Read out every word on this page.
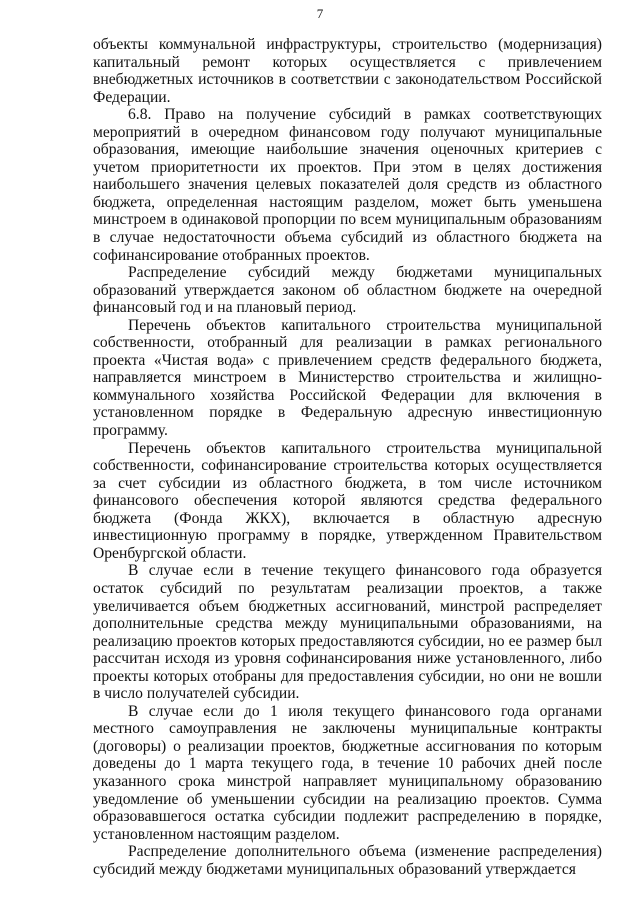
7

объекты коммунальной инфраструктуры, строительство (модернизация) капитальный ремонт которых осуществляется с привлечением внебюджетных источников в соответствии с законодательством Российской Федерации.

6.8. Право на получение субсидий в рамках соответствующих мероприятий в очередном финансовом году получают муниципальные образования, имеющие наибольшие значения оценочных критериев с учетом приоритетности их проектов. При этом в целях достижения наибольшего значения целевых показателей доля средств из областного бюджета, определенная настоящим разделом, может быть уменьшена минстроем в одинаковой пропорции по всем муниципальным образованиям в случае недостаточности объема субсидий из областного бюджета на софинансирование отобранных проектов.

Распределение субсидий между бюджетами муниципальных образований утверждается законом об областном бюджете на очередной финансовый год и на плановый период.

Перечень объектов капитального строительства муниципальной собственности, отобранный для реализации в рамках регионального проекта «Чистая вода» с привлечением средств федерального бюджета, направляется минстроем в Министерство строительства и жилищно-коммунального хозяйства Российской Федерации для включения в установленном порядке в Федеральную адресную инвестиционную программу.

Перечень объектов капитального строительства муниципальной собственности, софинансирование строительства которых осуществляется за счет субсидии из областного бюджета, в том числе источником финансового обеспечения которой являются средства федерального бюджета (Фонда ЖКХ), включается в областную адресную инвестиционную программу в порядке, утвержденном Правительством Оренбургской области.

В случае если в течение текущего финансового года образуется остаток субсидий по результатам реализации проектов, а также увеличивается объем бюджетных ассигнований, минстрой распределяет дополнительные средства между муниципальными образованиями, на реализацию проектов которых предоставляются субсидии, но ее размер был рассчитан исходя из уровня софинансирования ниже установленного, либо проекты которых отобраны для предоставления субсидии, но они не вошли в число получателей субсидии.

В случае если до 1 июля текущего финансового года органами местного самоуправления не заключены муниципальные контракты (договоры) о реализации проектов, бюджетные ассигнования по которым доведены до 1 марта текущего года, в течение 10 рабочих дней после указанного срока минстрой направляет муниципальному образованию уведомление об уменьшении субсидии на реализацию проектов. Сумма образовавшегося остатка субсидии подлежит распределению в порядке, установленном настоящим разделом.

Распределение дополнительного объема (изменение распределения) субсидий между бюджетами муниципальных образований утверждается
